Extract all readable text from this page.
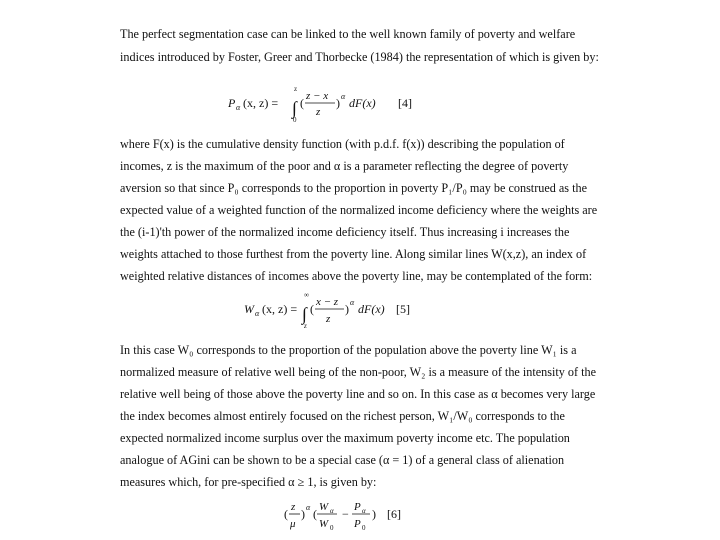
The perfect segmentation case can be linked to the well known family of poverty and welfare
indices introduced by Foster, Greer and Thorbecke (1984) the representation of which is given by:
P α (x, z) =
z
∫
0
( z − x
z
) α dF(x) [4]
where F(x) is the cumulative density function (with p.d.f. f(x)) describing the population of
incomes, z is the maximum of the poor and α is a parameter reflecting the degree of poverty
aversion so that since P₀ corresponds to the proportion in poverty P₁/P₀ may be construed as the
expected value of a weighted function of the normalized income deficiency where the weights are
the (i-1)'th power of the normalized income deficiency itself. Thus increasing i increases the
weights attached to those furthest from the poverty line. Along similar lines W(x,z), an index of
weighted relative distances of incomes above the poverty line, may be contemplated of the form:
W α (x, z) =
∞
∫
z
( x − z
z
) α dF(x) [5]
In this case W₀ corresponds to the proportion of the population above the poverty line W₁ is a
normalized measure of relative well being of the non-poor, W₂ is a measure of the intensity of the
relative well being of those above the poverty line and so on. In this case as α becomes very large
the index becomes almost entirely focused on the richest person, W₁/W₀ corresponds to the
expected normalized income surplus over the maximum poverty income etc. The population
analogue of AGini can be shown to be a special case (α = 1) of a general class of alienation
measures which, for pre-specified α ≥ 1, is given by:
( z
μ
) α ( W α
W 0
− P α
P 0
) [6]
